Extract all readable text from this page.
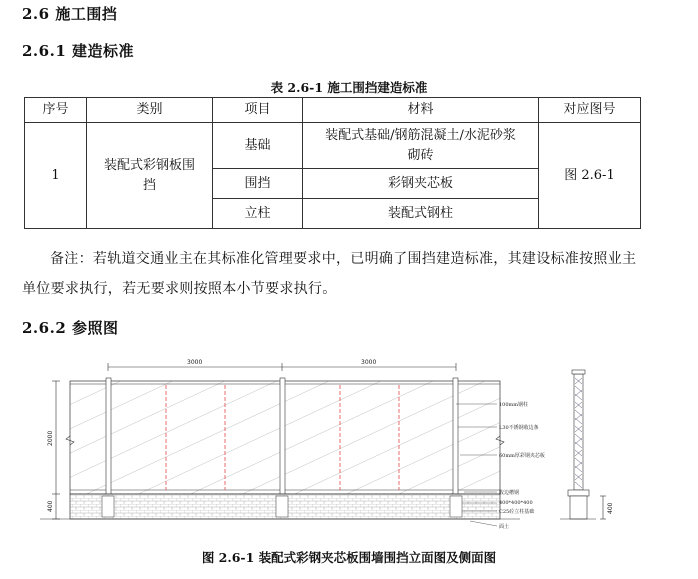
2.6 施工围挡
2.6.1 建造标准
表 2.6-1 施工围挡建造标准
序号	类别	项目	材料	对应图号
1	装配式彩钢板围挡	基础	装配式基础/钢筋混凝土/水泥砂浆砌砖	图 2.6-1
		围挡	彩钢夹芯板	
		立柱	装配式钢柱	
备注：若轨道交通业主在其标准化管理要求中，已明确了围挡建造标准，其建设标准按照业主单位要求执行，若无要求则按照本小节要求执行。
2.6.2 参照图
3000	3000
2000
400
100mm钢柱
L30不锈钢收边条
60mm厚彩钢夹芯板
收边槽钢
400*400*400
C25砼立柱基础
面土
400
图 2.6-1 装配式彩钢夹芯板围墙围挡立面图及侧面图
